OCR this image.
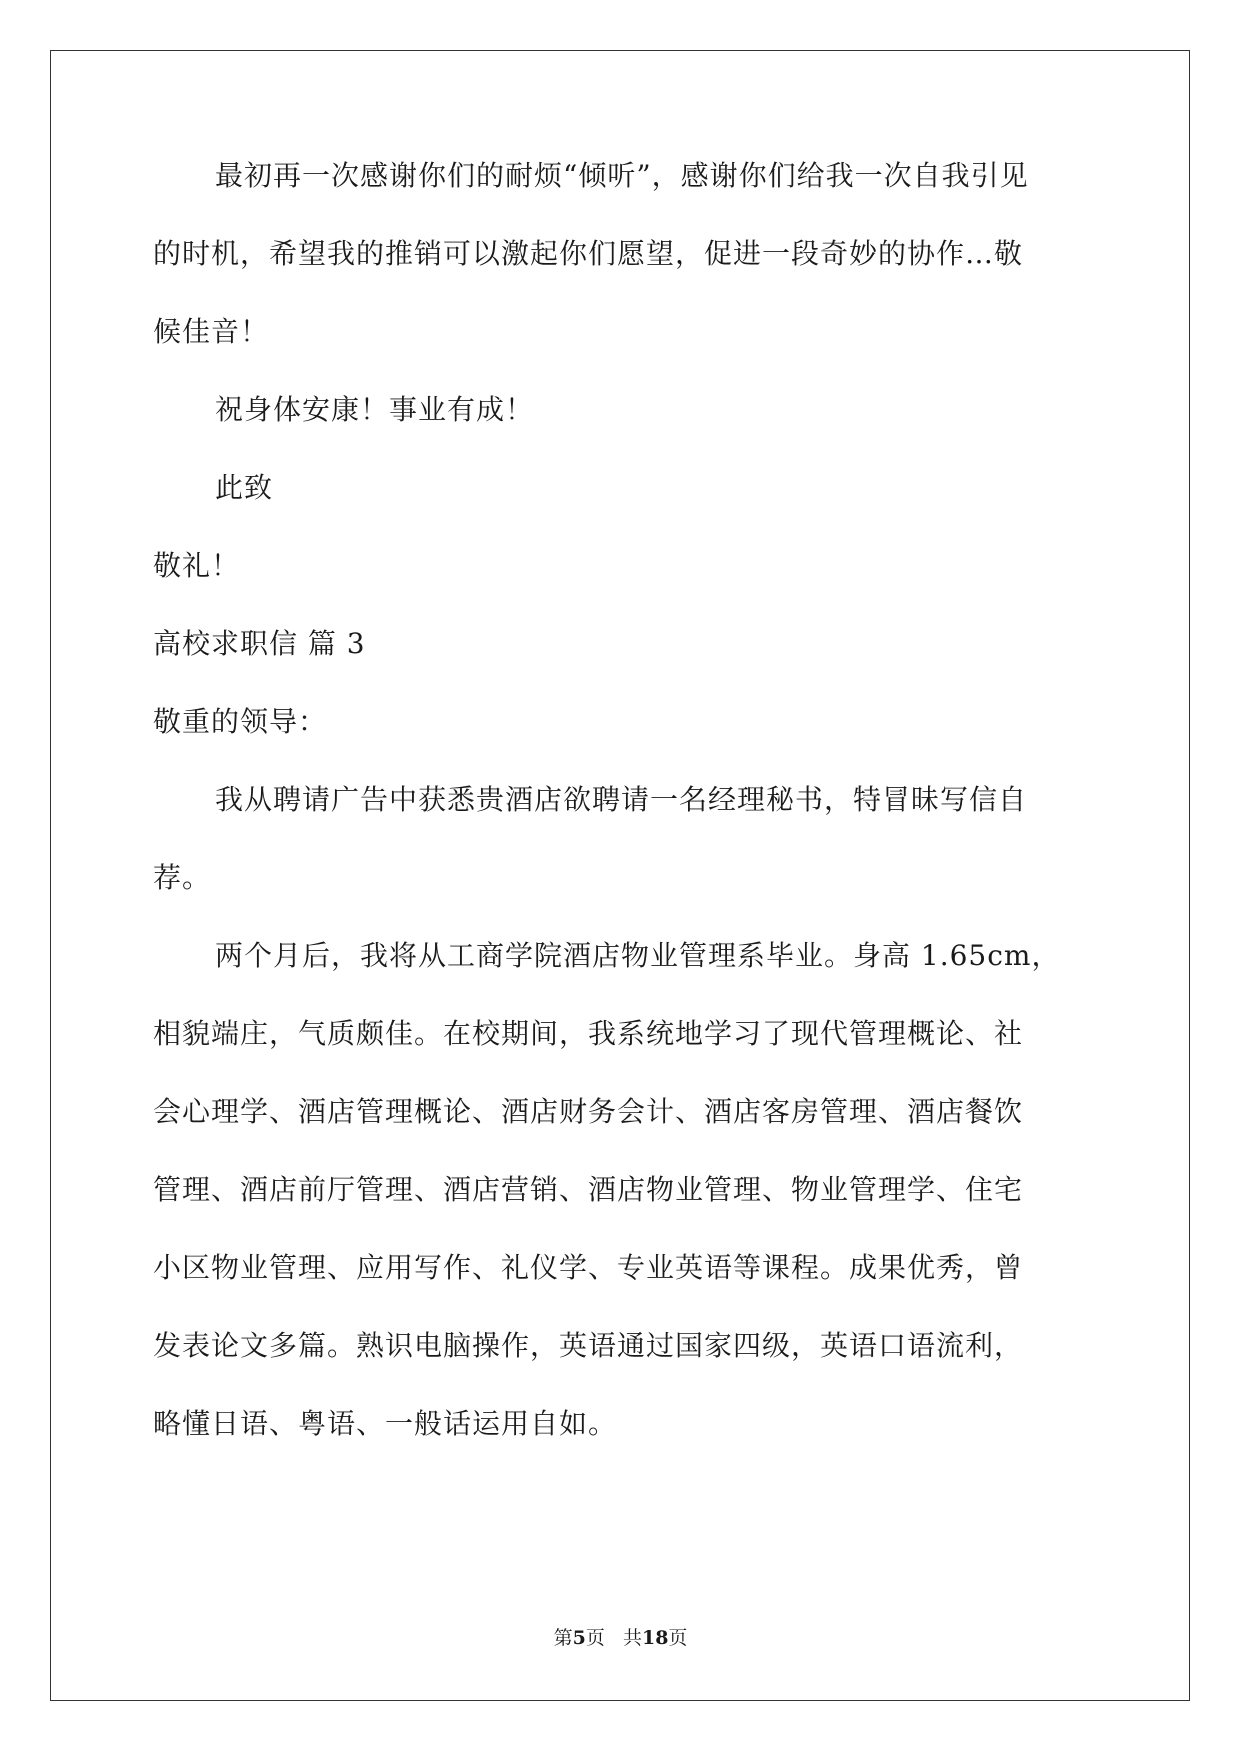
最初再一次感谢你们的耐烦“倾听”，感谢你们给我一次自我引见
的时机，希望我的推销可以激起你们愿望，促进一段奇妙的协作…敬
候佳音！
祝身体安康！事业有成！
此致
敬礼！
高校求职信 篇 3
敬重的领导：
我从聘请广告中获悉贵酒店欲聘请一名经理秘书，特冒昧写信自
荐。
两个月后，我将从工商学院酒店物业管理系毕业。身高 1.65cm，
相貌端庄，气质颇佳。在校期间，我系统地学习了现代管理概论、社
会心理学、酒店管理概论、酒店财务会计、酒店客房管理、酒店餐饮
管理、酒店前厅管理、酒店营销、酒店物业管理、物业管理学、住宅
小区物业管理、应用写作、礼仪学、专业英语等课程。成果优秀，曾
发表论文多篇。熟识电脑操作，英语通过国家四级，英语口语流利，
略懂日语、粤语、一般话运用自如。
第5页 共18页
